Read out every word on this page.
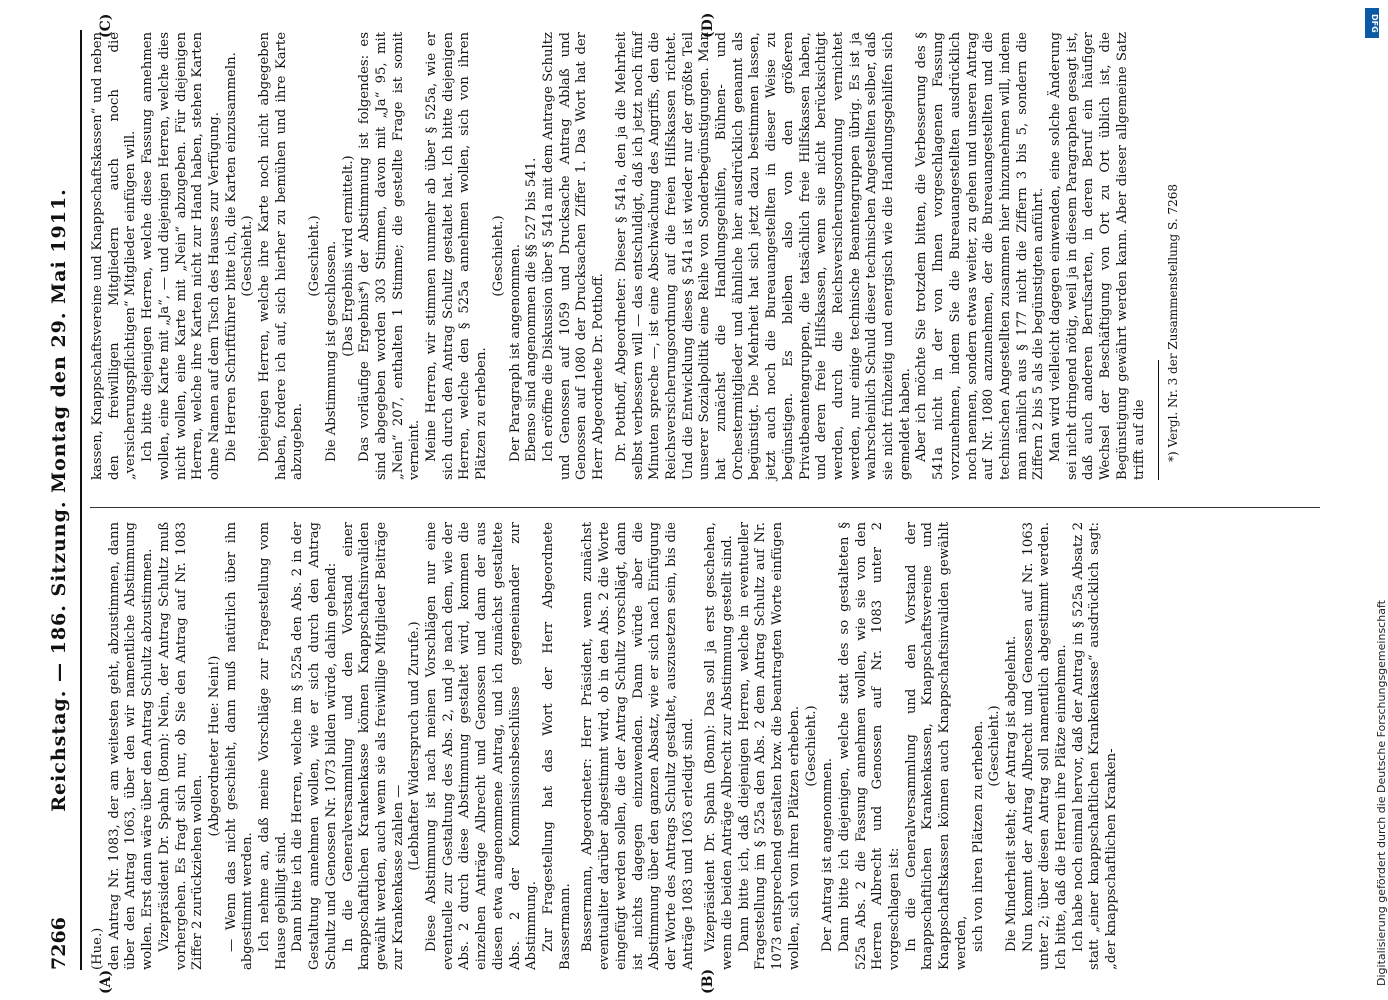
7266
Reichstag. — 186. Sitzung. Montag den 29. Mai 1911.
(A)	(B)
(C)	(D)

(Hue.) den Antrag Nr. 1083, der am weitesten geht, abzustimmen, dann über den Antrag 1063, über den wir namentliche Abstimmung wollen. Erst dann wäre über den Antrag Schultz abzustimmen. Vizepräsident Dr. Spahn (Bonn): Nein, der Antrag Schultz muß vorhergehen. Es fragt sich nur, ob Sie den Antrag auf Nr. 1083 Ziffer 2 zurückziehen wollen.

(Abgeordneter Hue: Nein!) — Wenn das nicht geschieht, dann muß natürlich über ihn abgestimmt werden. Ich nehme an, daß meine Vorschläge zur Fragestellung vom Hause gebilligt sind. Dann bitte ich die Herren, welche im § 525a den Abs. 2 in der Gestaltung annehmen wollen, wie er sich durch den Antrag Schultz und Genossen Nr. 1073 bilden würde, dahin gehend: In die Generalversammlung und den Vorstand einer knappschaftlichen Krankenkasse können Knappschaftsinvaliden gewählt werden, auch wenn sie als freiwillige Mitglieder Beiträge zur Krankenkasse zahlen —

(Lebhafter Widerspruch und Zurufe.) Diese Abstimmung ist nach meinen Vorschlägen nur eine eventuelle zur Gestaltung des Abs. 2, und je nach dem, wie der Abs. 2 durch diese Abstimmung gestaltet wird, kommen die einzelnen Anträge Albrecht und Genossen und dann der aus diesen etwa angenommene Antrag, und ich zunächst gestaltete Abs. 2 der Kommissionsbeschlüsse gegeneinander zur Abstimmung. Zur Fragestellung hat das Wort der Herr Abgeordnete Bassermann. Bassermann, Abgeordneter: Herr Präsident, wenn zunächst eventualiter darüber abgestimmt wird, ob in den Abs. 2 die Worte eingefügt werden sollen, die der Antrag Schultz vorschlägt, dann ist nichts dagegen einzuwenden. Dann würde aber die Abstimmung über den ganzen Absatz, wie er sich nach Einfügung der Worte des Antrags Schultz gestaltet, auszusetzen sein, bis die Anträge 1083 und 1063 erledigt sind. Vizepräsident Dr. Spahn (Bonn): Das soll ja erst geschehen, wenn die beiden Anträge Albrecht zur Abstimmung gestellt sind. Dann bitte ich, daß diejenigen Herren, welche in eventueller Fragestellung im § 525a den Abs. 2 dem Antrag Schultz auf Nr. 1073 entsprechend gestalten bzw. die beantragten Worte einfügen wollen, sich von ihren Plätzen erheben. (Geschieht.)

Der Antrag ist angenommen. Dann bitte ich diejenigen, welche statt des so gestalteten § 525a Abs. 2 die Fassung annehmen wollen, wie sie von den Herren Albrecht und Genossen auf Nr. 1083 unter 2 vorgeschlagen ist: In die Generalversammlung und den Vorstand der knappschaftlichen Krankenkassen, Knappschaftsvereine und Knappschaftskassen können auch Knappschaftsinvaliden gewählt werden, sich von ihren Plätzen zu erheben. (Geschieht.) Die Minderheit steht; der Antrag ist abgelehnt. Nun kommt der Antrag Albrecht und Genossen auf Nr. 1063 unter 2; über diesen Antrag soll namentlich abgestimmt werden. Ich bitte, daß die Herren ihre Plätze einnehmen. Ich habe noch einmal hervor, daß der Antrag in § 525a Absatz 2 statt „einer knappschaftlichen Krankenkasse“ ausdrücklich sagt: „der knappschaftlichen Kranken-

kassen, Knappschaftsvereine und Knappschaftskassen“ und neben den freiwilligen Mitgliedern auch noch die „versicherungspflichtigen“ Mitglieder einfügen will. Ich bitte diejenigen Herren, welche diese Fassung annehmen wollen, eine Karte mit „Ja“, — und diejenigen Herren, welche dies nicht wollen, eine Karte mit „Nein“ abzugeben. Für diejenigen Herren, welche ihre Karten nicht zur Hand haben, stehen Karten ohne Namen auf dem Tisch des Hauses zur Verfügung. Die Herren Schriftführer bitte ich, die Karten einzusammeln. (Geschieht.) Diejenigen Herren, welche ihre Karte noch nicht abgegeben haben, fordere ich auf, sich hierher zu bemühen und ihre Karte abzugeben.

(Geschieht.) Die Abstimmung ist geschlossen. (Das Ergebnis wird ermittelt.) Das vorläufige Ergebnis*) der Abstimmung ist folgendes: es sind abgegeben worden 303 Stimmen, davon mit „Ja“ 95, mit „Nein“ 207, enthalten 1 Stimme; die gestellte Frage ist somit verneint. Meine Herren, wir stimmen nunmehr ab über § 525a, wie er sich durch den Antrag Schultz gestaltet hat. Ich bitte diejenigen Herren, welche den § 525a annehmen wollen, sich von ihren Plätzen zu erheben.

(Geschieht.) Der Paragraph ist angenommen. Ebenso sind angenommen die §§ 527 bis 541. Ich eröffne die Diskussion über § 541a mit dem Antrage Schultz und Genossen auf 1059 und Drucksache Antrag Ablaß und Genossen auf 1080 der Drucksachen Ziffer 1. Das Wort hat der Herr Abgeordnete Dr. Potthoff. Dr. Potthoff, Abgeordneter: Dieser § 541a, den ja die Mehrheit selbst verbessern will — das entschuldigt, daß ich jetzt noch fünf Minuten spreche —, ist eine Abschwächung des Angriffs, den die Reichsversicherungsordnung auf die freien Hilfskassen richtet. Und die Entwicklung dieses § 541a ist wieder nur der größte Teil unserer Sozialpolitik eine Reihe von Sonderbegünstigungen. Man hat zunächst die Handlungsgehilfen, Bühnen- und Orchestermitglieder und ähnliche hier ausdrücklich genannt als begünstigt. Die Mehrheit hat sich jetzt dazu bestimmen lassen, jetzt auch noch die Bureauangestellten in dieser Weise zu begünstigen. Es bleiben also von den größeren Privatbeamtengruppen, die tatsächlich freie Hilfskassen haben, und deren freie Hilfskassen, wenn sie nicht berücksichtigt werden, durch die Reichsversicherungsordnung vernichtet werden, nur einige technische Beamtengruppen übrig. Es ist ja wahrscheinlich Schuld dieser technischen Angestellten selber, daß sie nicht frühzeitig und energisch wie die Handlungsgehilfen sich gemeldet haben. Aber ich möchte Sie trotzdem bitten, die Verbesserung des § 541a nicht in der von Ihnen vorgeschlagenen Fassung vorzunehmen, indem Sie die Bureauangestellten ausdrücklich noch nennen, sondern etwas weiter, zu gehen und unseren Antrag auf Nr. 1080 anzunehmen, der die Bureauangestellten und die technischen Angestellten zusammen hier hinzunehmen will, indem man nämlich aus § 177 nicht die Ziffern 3 bis 5, sondern die Ziffern 2 bis 5 als die begünstigten anführt. Man wird vielleicht dagegen einwenden, eine solche Änderung sei nicht dringend nötig, weil ja in diesem Paragraphen gesagt ist, daß auch anderen Berufsarten, in deren Beruf ein häufiger Wechsel der Beschäftigung von Ort zu Ort üblich ist, die Begünstigung gewährt werden kann. Aber dieser allgemeine Satz trifft auf die *) Vergl. Nr. 3 der Zusammenstellung S. 7268

DFG
Digitalisierung gefördert durch die Deutsche Forschungsgemeinschaft
